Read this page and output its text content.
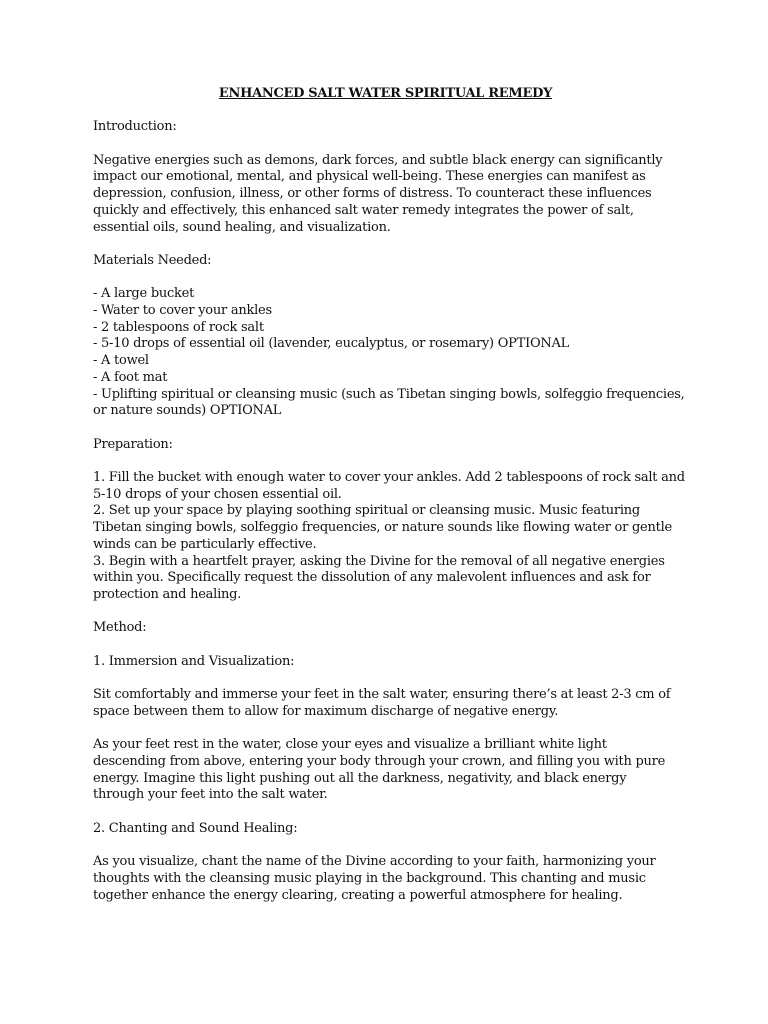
ENHANCED SALT WATER SPIRITUAL REMEDY

Introduction:

Negative energies such as demons, dark forces, and subtle black energy can significantly

impact our emotional, mental, and physical well-being. These energies can manifest as

depression, confusion, illness, or other forms of distress. To counteract these influences

quickly and effectively, this enhanced salt water remedy integrates the power of salt,

essential oils, sound healing, and visualization.

Materials Needed:

- A large bucket

- Water to cover your ankles

- 2 tablespoons of rock salt

- 5-10 drops of essential oil (lavender, eucalyptus, or rosemary) OPTIONAL

- A towel

- A foot mat

- Uplifting spiritual or cleansing music (such as Tibetan singing bowls, solfeggio frequencies,

or nature sounds) OPTIONAL

Preparation:

1. Fill the bucket with enough water to cover your ankles. Add 2 tablespoons of rock salt and

5-10 drops of your chosen essential oil.

2. Set up your space by playing soothing spiritual or cleansing music. Music featuring

Tibetan singing bowls, solfeggio frequencies, or nature sounds like flowing water or gentle

winds can be particularly effective.

3. Begin with a heartfelt prayer, asking the Divine for the removal of all negative energies

within you. Specifically request the dissolution of any malevolent influences and ask for

protection and healing.

Method:

1. Immersion and Visualization:

Sit comfortably and immerse your feet in the salt water, ensuring there’s at least 2-3 cm of

space between them to allow for maximum discharge of negative energy.

As your feet rest in the water, close your eyes and visualize a brilliant white light

descending from above, entering your body through your crown, and filling you with pure

energy. Imagine this light pushing out all the darkness, negativity, and black energy

through your feet into the salt water.

2. Chanting and Sound Healing:

As you visualize, chant the name of the Divine according to your faith, harmonizing your

thoughts with the cleansing music playing in the background. This chanting and music

together enhance the energy clearing, creating a powerful atmosphere for healing.
